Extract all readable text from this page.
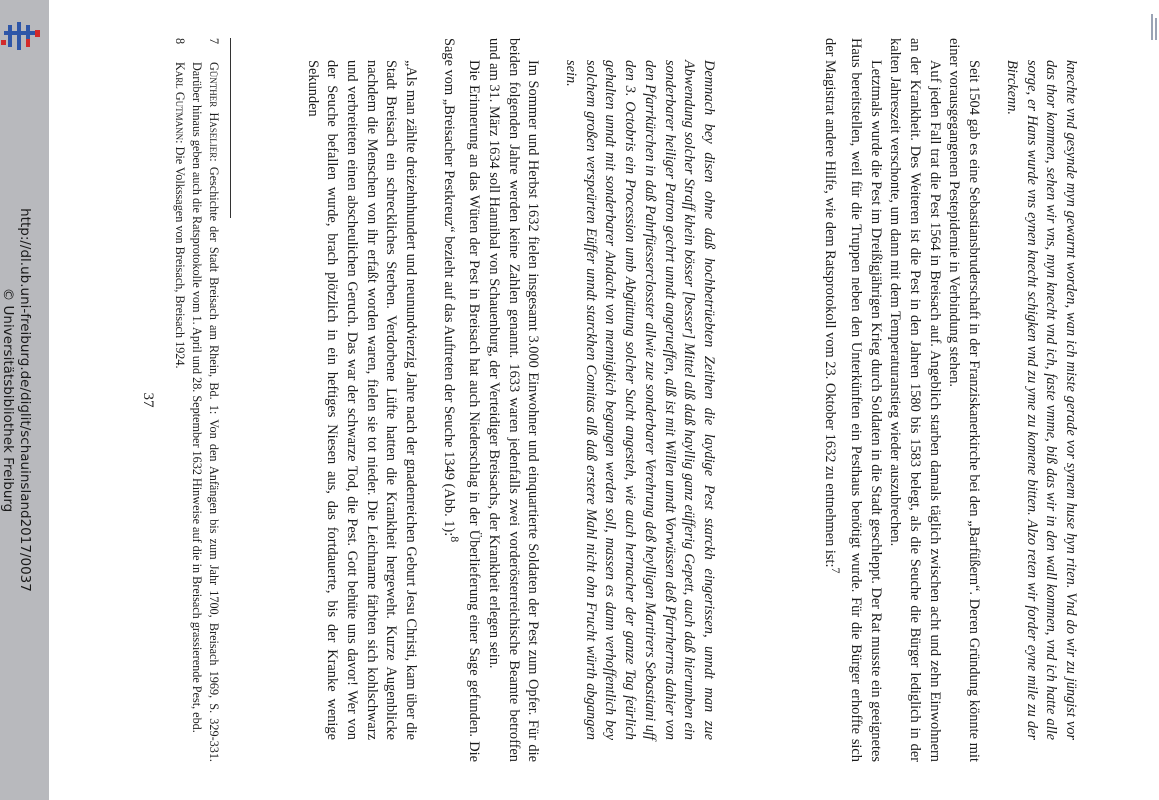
http://dl.ub.uni-freiburg.de/diglit/schauinsland2017/0037
© Universitätsbibliothek Freiburg	knechte vnd gesynde myn gewarnt worden, wan ich miste gerade vor synem huse hyn riten. Vnd do wir zu jüngist vor das thor kommen, sehen wir vns, myn knecht vnd ich, faste vmme, biß das wir in den wall kommen, vnd ich hatte alle sorge, er Hans wurde vns eynen knecht schigken vnd zu yme zu komene bitten. Alzo reten wir forder eyne mile zu der Birckenn.

Seit 1504 gab es eine Sebastiansbruderschaft in der Franziskanerkirche bei den „Barfüßern“. Deren Gründung könnte mit einer vorausgegangenen Pestepidemie in Verbindung stehen.

Auf jeden Fall trat die Pest 1564 in Breisach auf. Angeblich starben damals täglich zwischen acht und zehn Einwohnern an der Krankheit. Des Weiteren ist die Pest in den Jahren 1580 bis 1583 belegt, als die Seuche die Bürger lediglich in der kalten Jahreszeit verschonte, um dann mit dem Temperaturanstieg wieder auszubrechen.

Letztmals wurde die Pest im Dreißigjährigen Krieg durch Soldaten in die Stadt geschleppt. Der Rat musste ein geeignetes Haus bereitstellen, weil für die Truppen neben den Unterkünften ein Pesthaus benötigt wurde. Für die Bürger erhoffte sich der Magistrat andere Hilfe, wie dem Ratsprotokoll vom 23. Oktober 1632 zu entnehmen ist:$^7$

Demnach bey disen ohne daß hochbetrüebten Zeithen die laydige Pest starckh eingerissen, unndt man zue Abwendung solcher Straff khein bösser [besser] Mittel alß daß hayllig ganz eüfferig Gepett, auch daß hierumben ein sonderbarer heiliger Patron gechrt unndt angerueffen, alß ist mit Willen unndt Vorwüssen deß Pfarrherrns dahier von den Pfarrkürchen in daß Pahrfüesserclosster allwie zue sonderbarer Verehrung deß heylligen Martirers Sebastiani uff den 3. Octobris ein Procession umb Abgüttung solcher Sucht angesteh, wie auch hernacher der ganze Tag feürlich gehalten unndt mit sonderbarer Andacht von mennigkich begangen werden soll, massen es dann verhoffentlich bey solchem großen verspeürten Eüffer unndt starckhen Comitas alß daß erstere Mahl nicht ohn Frucht würth abgangen sein.

Im Sommer und Herbst 1632 fielen insgesamt 3.000 Einwohner und einquartierte Soldaten der Pest zum Opfer. Für die beiden folgenden Jahre werden keine Zahlen genannt. 1633 waren jedenfalls zwei vorderösterreichische Beamte betroffen und am 31. März 1634 soll Hannibal von Schauenburg, der Verteidiger Breisachs, der Krankheit erlegen sein.

Die Erinnerung an das Wüten der Pest in Breisach hat auch Niederschlag in der Überlieferung einer Sage gefunden. Die Sage vom „Breisacher Pestkreuz“ bezieht auf das Auftreten der Seuche 1349 (Abb. 1):$^8$

„Als man zählte dreizehnhundert und neunundvierzig Jahre nach der gnadenreichen Geburt Jesu Christi, kam über die Stadt Breisach ein schreckliches Sterben. Verdorbene Lüfte hatten die Krankheit hergeweht. Kurze Augenblicke nachdem die Menschen von ihr erfaßt worden waren, fielen sie tot nieder. Die Leichname färbten sich kohlschwarz und verbreiteten einen abscheulichen Geruch. Das war der schwarze Tod, die Pest. Gott behüte uns davor! Wer von der Seuche befallen wurde, brach plötzlich in ein heftiges Niesen aus, das fortdauerte, bis der Kranke wenige Sekunden

7Günther Haselier: Geschichte der Stadt Breisach am Rhein, Bd. 1: Von den Anfängen bis zum Jahr 1700, Breisach 1969, S. 329-331. Darüber hinaus geben auch die Ratsprotokolle vom 1. April und 28. September 1632 Hinweise auf die in Breisach grassierende Pest, ebd.

8Karl Gutmann: Die Volkssagen von Breisach, Breisach 1924.

37
